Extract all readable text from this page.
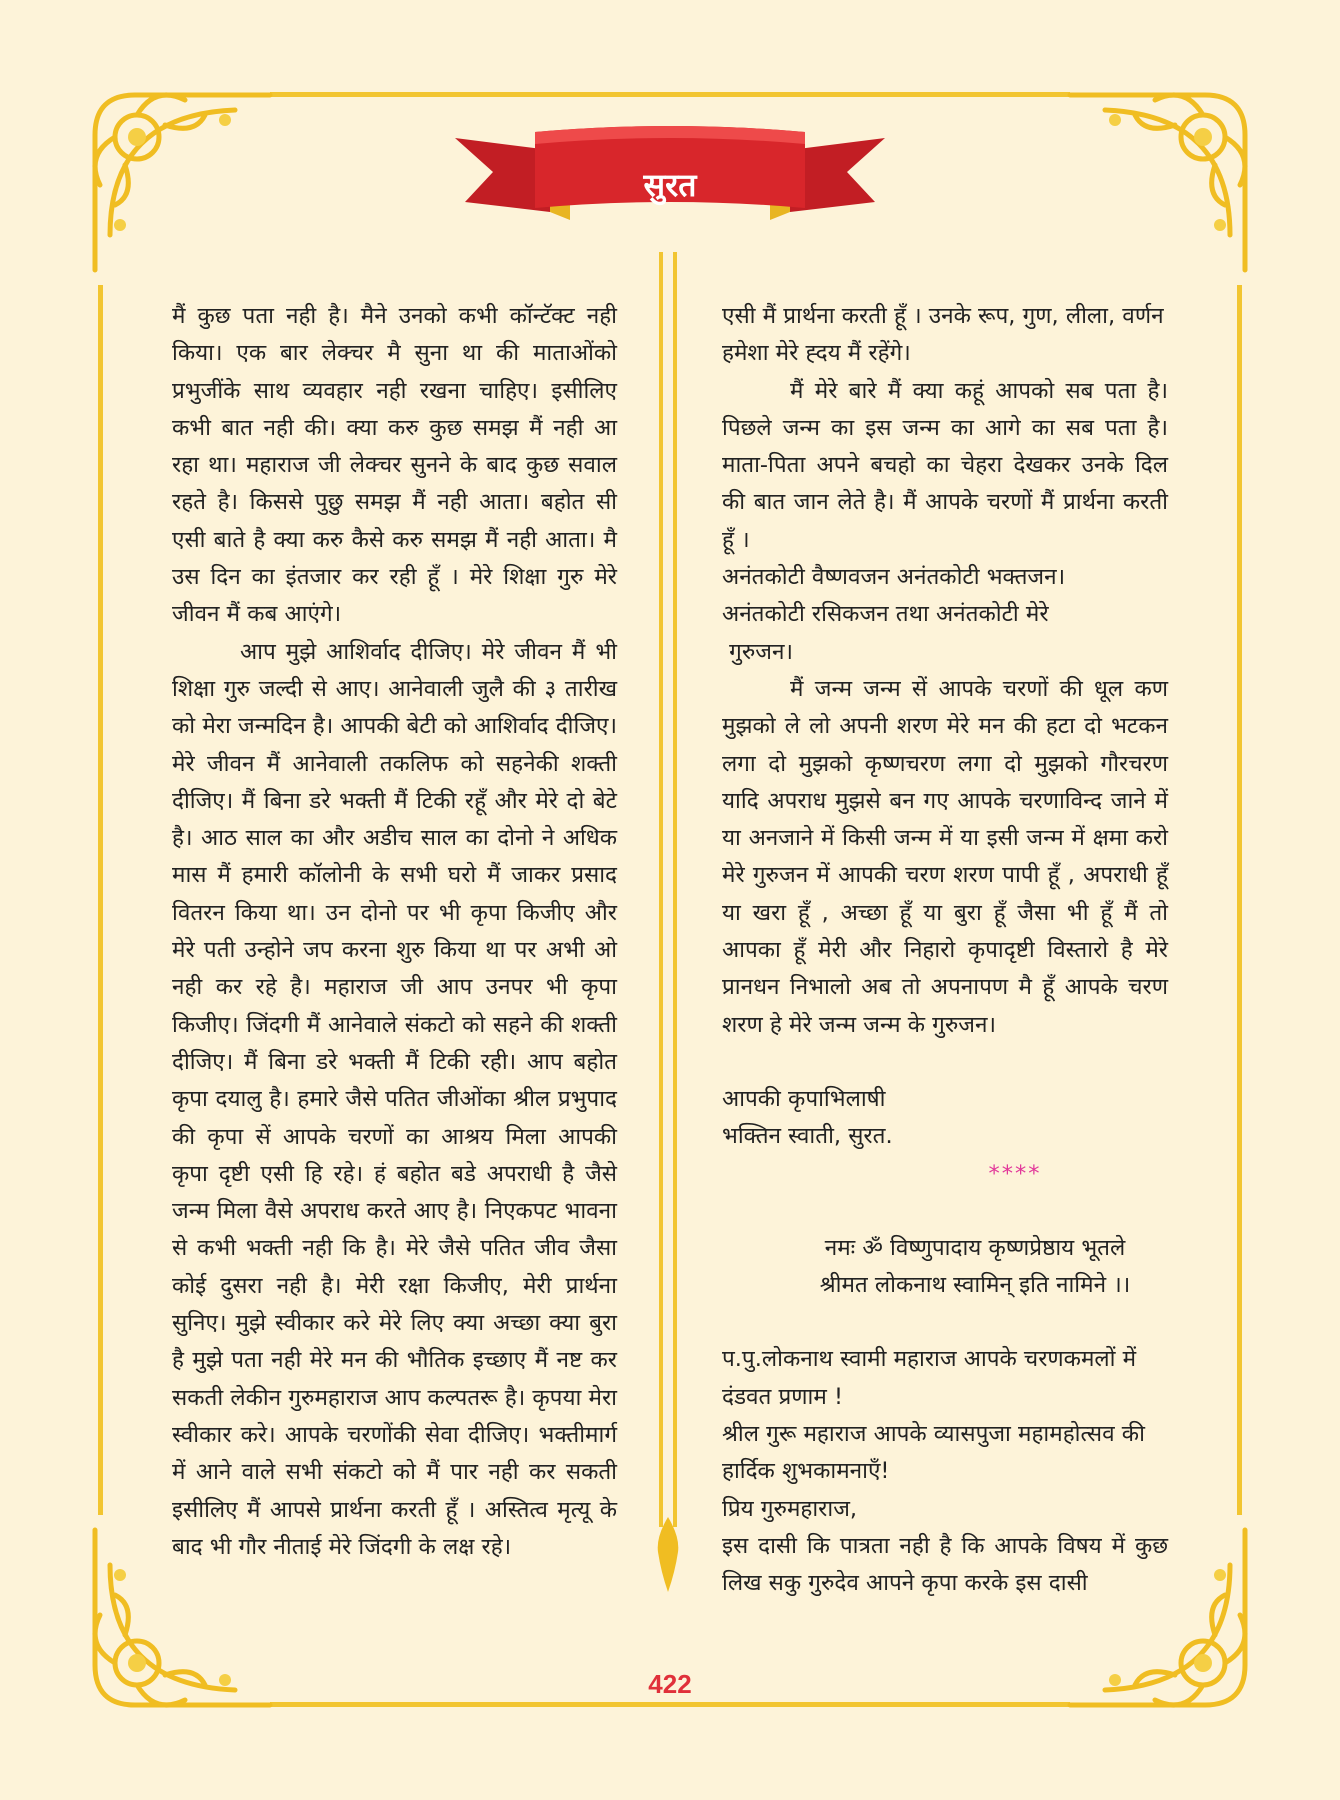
सुरत

मैं कुछ पता नही है। मैने उनको कभी कॉन्टॅक्ट नही किया। एक बार लेक्चर मै सुना था की माताओंको प्रभुजींके साथ व्यवहार नही रखना चाहिए। इसीलिए कभी बात नही की। क्या करु कुछ समझ मैं नही आ रहा था। महाराज जी लेक्चर सुनने के बाद कुछ सवाल रहते है। किससे पुछु समझ मैं नही आता। बहोत सी एसी बाते है क्या करु कैसे करु समझ मैं नही आता। मै उस दिन का इंतजार कर रही हूँ । मेरे शिक्षा गुरु मेरे जीवन मैं कब आएंगे।

आप मुझे आशिर्वाद दीजिए। मेरे जीवन मैं भी शिक्षा गुरु जल्दी से आए। आनेवाली जुलै की ३ तारीख को मेरा जन्मदिन है। आपकी बेटी को आशिर्वाद दीजिए। मेरे जीवन मैं आनेवाली तकलिफ को सहनेकी शक्ती दीजिए। मैं बिना डरे भक्ती मैं टिकी रहूँ और मेरे दो बेटे है। आठ साल का और अडीच साल का दोनो ने अधिक मास मैं हमारी कॉलोनी के सभी घरो मैं जाकर प्रसाद वितरन किया था। उन दोनो पर भी कृपा किजीए और मेरे पती उन्होने जप करना शुरु किया था पर अभी ओ नही कर रहे है। महाराज जी आप उनपर भी कृपा किजीए। जिंदगी मैं आनेवाले संकटो को सहने की शक्ती दीजिए। मैं बिना डरे भक्ती मैं टिकी रही। आप बहोत कृपा दयालु है। हमारे जैसे पतित जीओंका श्रील प्रभुपाद की कृपा सें आपके चरणों का आश्रय मिला आपकी कृपा दृष्टी एसी हि रहे। हं बहोत बडे अपराधी है जैसे जन्म मिला वैसे अपराध करते आए है। निएकपट भावना से कभी भक्ती नही कि है। मेरे जैसे पतित जीव जैसा कोई दुसरा नही है। मेरी रक्षा किजीए, मेरी प्रार्थना सुनिए। मुझे स्वीकार करे मेरे लिए क्या अच्छा क्या बुरा है मुझे पता नही मेरे मन की भौतिक इच्छाए मैं नष्ट कर सकती लेकीन गुरुमहाराज आप कल्पतरू है। कृपया मेरा स्वीकार करे। आपके चरणोंकी सेवा दीजिए। भक्तीमार्ग में आने वाले सभी संकटो को मैं पार नही कर सकती इसीलिए मैं आपसे प्रार्थना करती हूँ । अस्तित्व मृत्यू के बाद भी गौर नीताई मेरे जिंदगी के लक्ष रहे।

एसी मैं प्रार्थना करती हूँ । उनके रूप, गुण, लीला, वर्णन हमेशा मेरे ह्दय मैं रहेंगे।

मैं मेरे बारे मैं क्या कहूं आपको सब पता है। पिछले जन्म का इस जन्म का आगे का सब पता है। माता-पिता अपने बचहो का चेहरा देखकर उनके दिल की बात जान लेते है। मैं आपके चरणों मैं प्रार्थना करती हूँ ।

अनंतकोटी वैष्णवजन अनंतकोटी भक्तजन।

अनंतकोटी रसिकजन तथा अनंतकोटी मेरे

गुरुजन।

मैं जन्म जन्म सें आपके चरणों की धूल कण मुझको ले लो अपनी शरण मेरे मन की हटा दो भटकन लगा दो मुझको कृष्णचरण लगा दो मुझको गौरचरण यादि अपराध मुझसे बन गए आपके चरणाविन्द जाने में या अनजाने में किसी जन्म में या इसी जन्म में क्षमा करो मेरे गुरुजन में आपकी चरण शरण पापी हूँ , अपराधी हूँ या खरा हूँ , अच्छा हूँ या बुरा हूँ जैसा भी हूँ मैं तो आपका हूँ मेरी और निहारो कृपादृष्टी विस्तारो है मेरे प्रानधन निभालो अब तो अपनापण मै हूँ आपके चरण शरण हे मेरे जन्म जन्म के गुरुजन।

आपकी कृपाभिलाषी

भक्तिन स्वाती, सुरत.

****

नमः ॐ विष्णुपादाय कृष्णप्रेष्ठाय भूतले

श्रीमत लोकनाथ स्वामिन् इति नामिने ।।

प.पु.लोकनाथ स्वामी महाराज आपके चरणकमलों में दंडवत प्रणाम !

श्रील गुरू महाराज आपके व्यासपुजा महामहोत्सव की हार्दिक शुभकामनाएँ!

प्रिय गुरुमहाराज,

इस दासी कि पात्रता नही है कि आपके विषय में कुछ लिख सकु गुरुदेव आपने कृपा करके इस दासी

422
